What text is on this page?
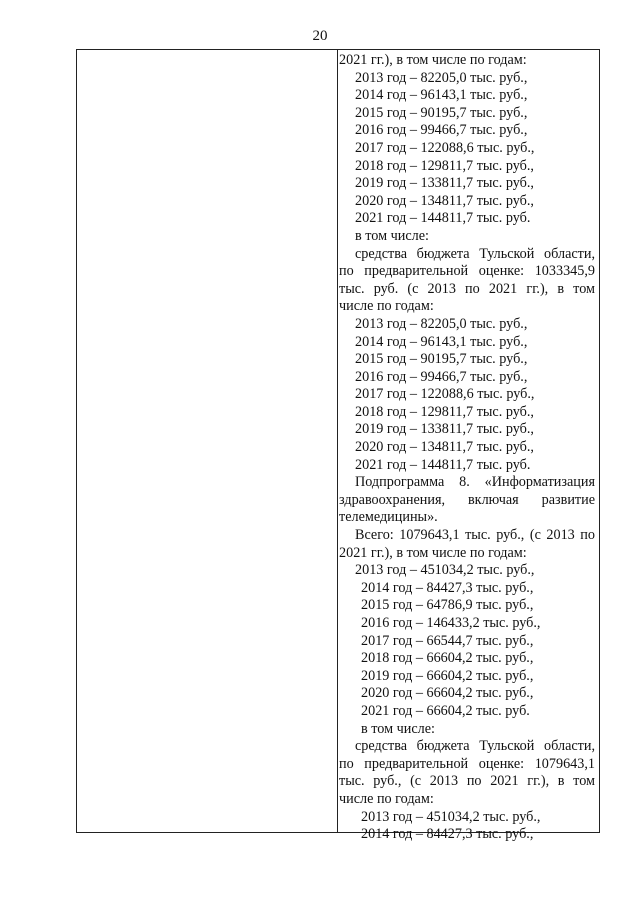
20
2021 гг.), в том числе по годам:
2013 год – 82205,0 тыс. руб.,
2014 год – 96143,1 тыс. руб.,
2015 год – 90195,7 тыс. руб.,
2016 год – 99466,7 тыс. руб.,
2017 год – 122088,6 тыс. руб.,
2018 год – 129811,7 тыс. руб.,
2019 год – 133811,7 тыс. руб.,
2020 год – 134811,7 тыс. руб.,
2021 год – 144811,7 тыс. руб.
в том числе:
средства бюджета Тульской области,
по предварительной оценке: 1033345,9
тыс. руб. (с 2013 по 2021 гг.), в том
числе по годам:
2013 год – 82205,0 тыс. руб.,
2014 год – 96143,1 тыс. руб.,
2015 год – 90195,7 тыс. руб.,
2016 год – 99466,7 тыс. руб.,
2017 год – 122088,6 тыс. руб.,
2018 год – 129811,7 тыс. руб.,
2019 год – 133811,7 тыс. руб.,
2020 год – 134811,7 тыс. руб.,
2021 год – 144811,7 тыс. руб.
Подпрограмма 8. «Информатизация
здравоохранения, включая развитие
телемедицины».
Всего: 1079643,1 тыс. руб., (с 2013 по
2021 гг.), в том числе по годам:
2013 год – 451034,2 тыс. руб.,
2014 год – 84427,3 тыс. руб.,
2015 год – 64786,9 тыс. руб.,
2016 год – 146433,2 тыс. руб.,
2017 год – 66544,7 тыс. руб.,
2018 год – 66604,2 тыс. руб.,
2019 год – 66604,2 тыс. руб.,
2020 год – 66604,2 тыс. руб.,
2021 год – 66604,2 тыс. руб.
в том числе:
средства бюджета Тульской области,
по предварительной оценке: 1079643,1
тыс. руб., (с 2013 по 2021 гг.), в том
числе по годам:
2013 год – 451034,2 тыс. руб.,
2014 год – 84427,3 тыс. руб.,
